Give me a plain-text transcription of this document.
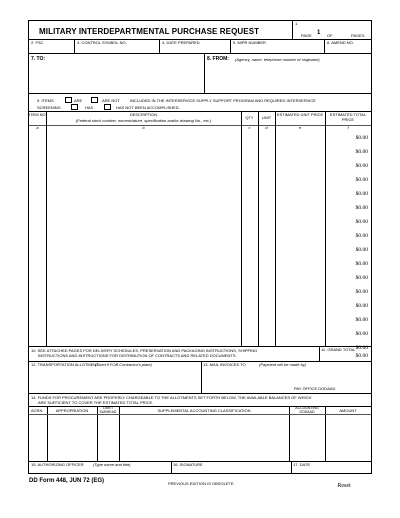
MILITARY INTERDEPARTMENTAL PURCHASE REQUEST
1.
PAGE 1 OF	PAGES
2. FSC	3. CONTROL SYMBOL NO.	4. DATE PREPARED	5. MIPR NUMBER	6. AMEND NO.
7. TO:	8. FROM: (Agency, name, telephone number of originator)
9. ITEMS	ARE	ARE NOT	INCLUDED IN THE INTERSERVICE SUPPLY SUPPORT PROGRAM AND REQUIRED INTERSERVICE
SCREENING	HAS	HAS NOT BEEN ACCOMPLISHED.
ITEM NO.	DESCRIPTION
(Federal stock number, nomenclature, specification and/or drawing No., etc.)
QTY	UNIT
ESTIMATED UNIT PRICE	ESTIMATED TOTAL PRICE
a	b	c	d	e	f
$0.00
$0.00
$0.00
$0.00
$0.00
$0.00
$0.00
$0.00
$0.00
$0.00
$0.00
$0.00
$0.00
$0.00
$0.00
$0.00
10. SEE ATTACHED PAGES FOR DELIVERY SCHEDULES, PRESERVATION AND PACKAGING INSTRUCTIONS, SHIPPING
INSTRUCTIONS AND INSTRUCTIONS FOR DISTRIBUTION OF CONTRACTS AND RELATED DOCUMENTS.
11. GRAND TOTAL
$0.00
12. TRANSPORTATION ALLOTMENT
(Used if FOB Contractor's plant)	13. MAIL INVOICES TO	(Payment will be made by)
PAY OFFICE DODAAD
14. FUNDS FOR PROCUREMENT ARE PROPERLY CHARGEABLE TO THE ALLOTMENTS SET FORTH BELOW, THE AVAILABLE BALANCES OF WHICH
ARE SUFFICIENT TO COVER THE ESTIMATED TOTAL PRICE.
ACRN	APPROPRIATION	LIMIT/ SUBHEAD	SUPPLEMENTAL ACCOUNTING CLASSIFICATION	ACCOUNTING DODAAD	AMOUNT
15. AUTHORIZING OFFICER (Type name and title)	16. SIGNATURE	17. DATE
DD Form 448, JUN 72 (EG)	PREVIOUS EDITION IS OBSOLETE.	Reset
